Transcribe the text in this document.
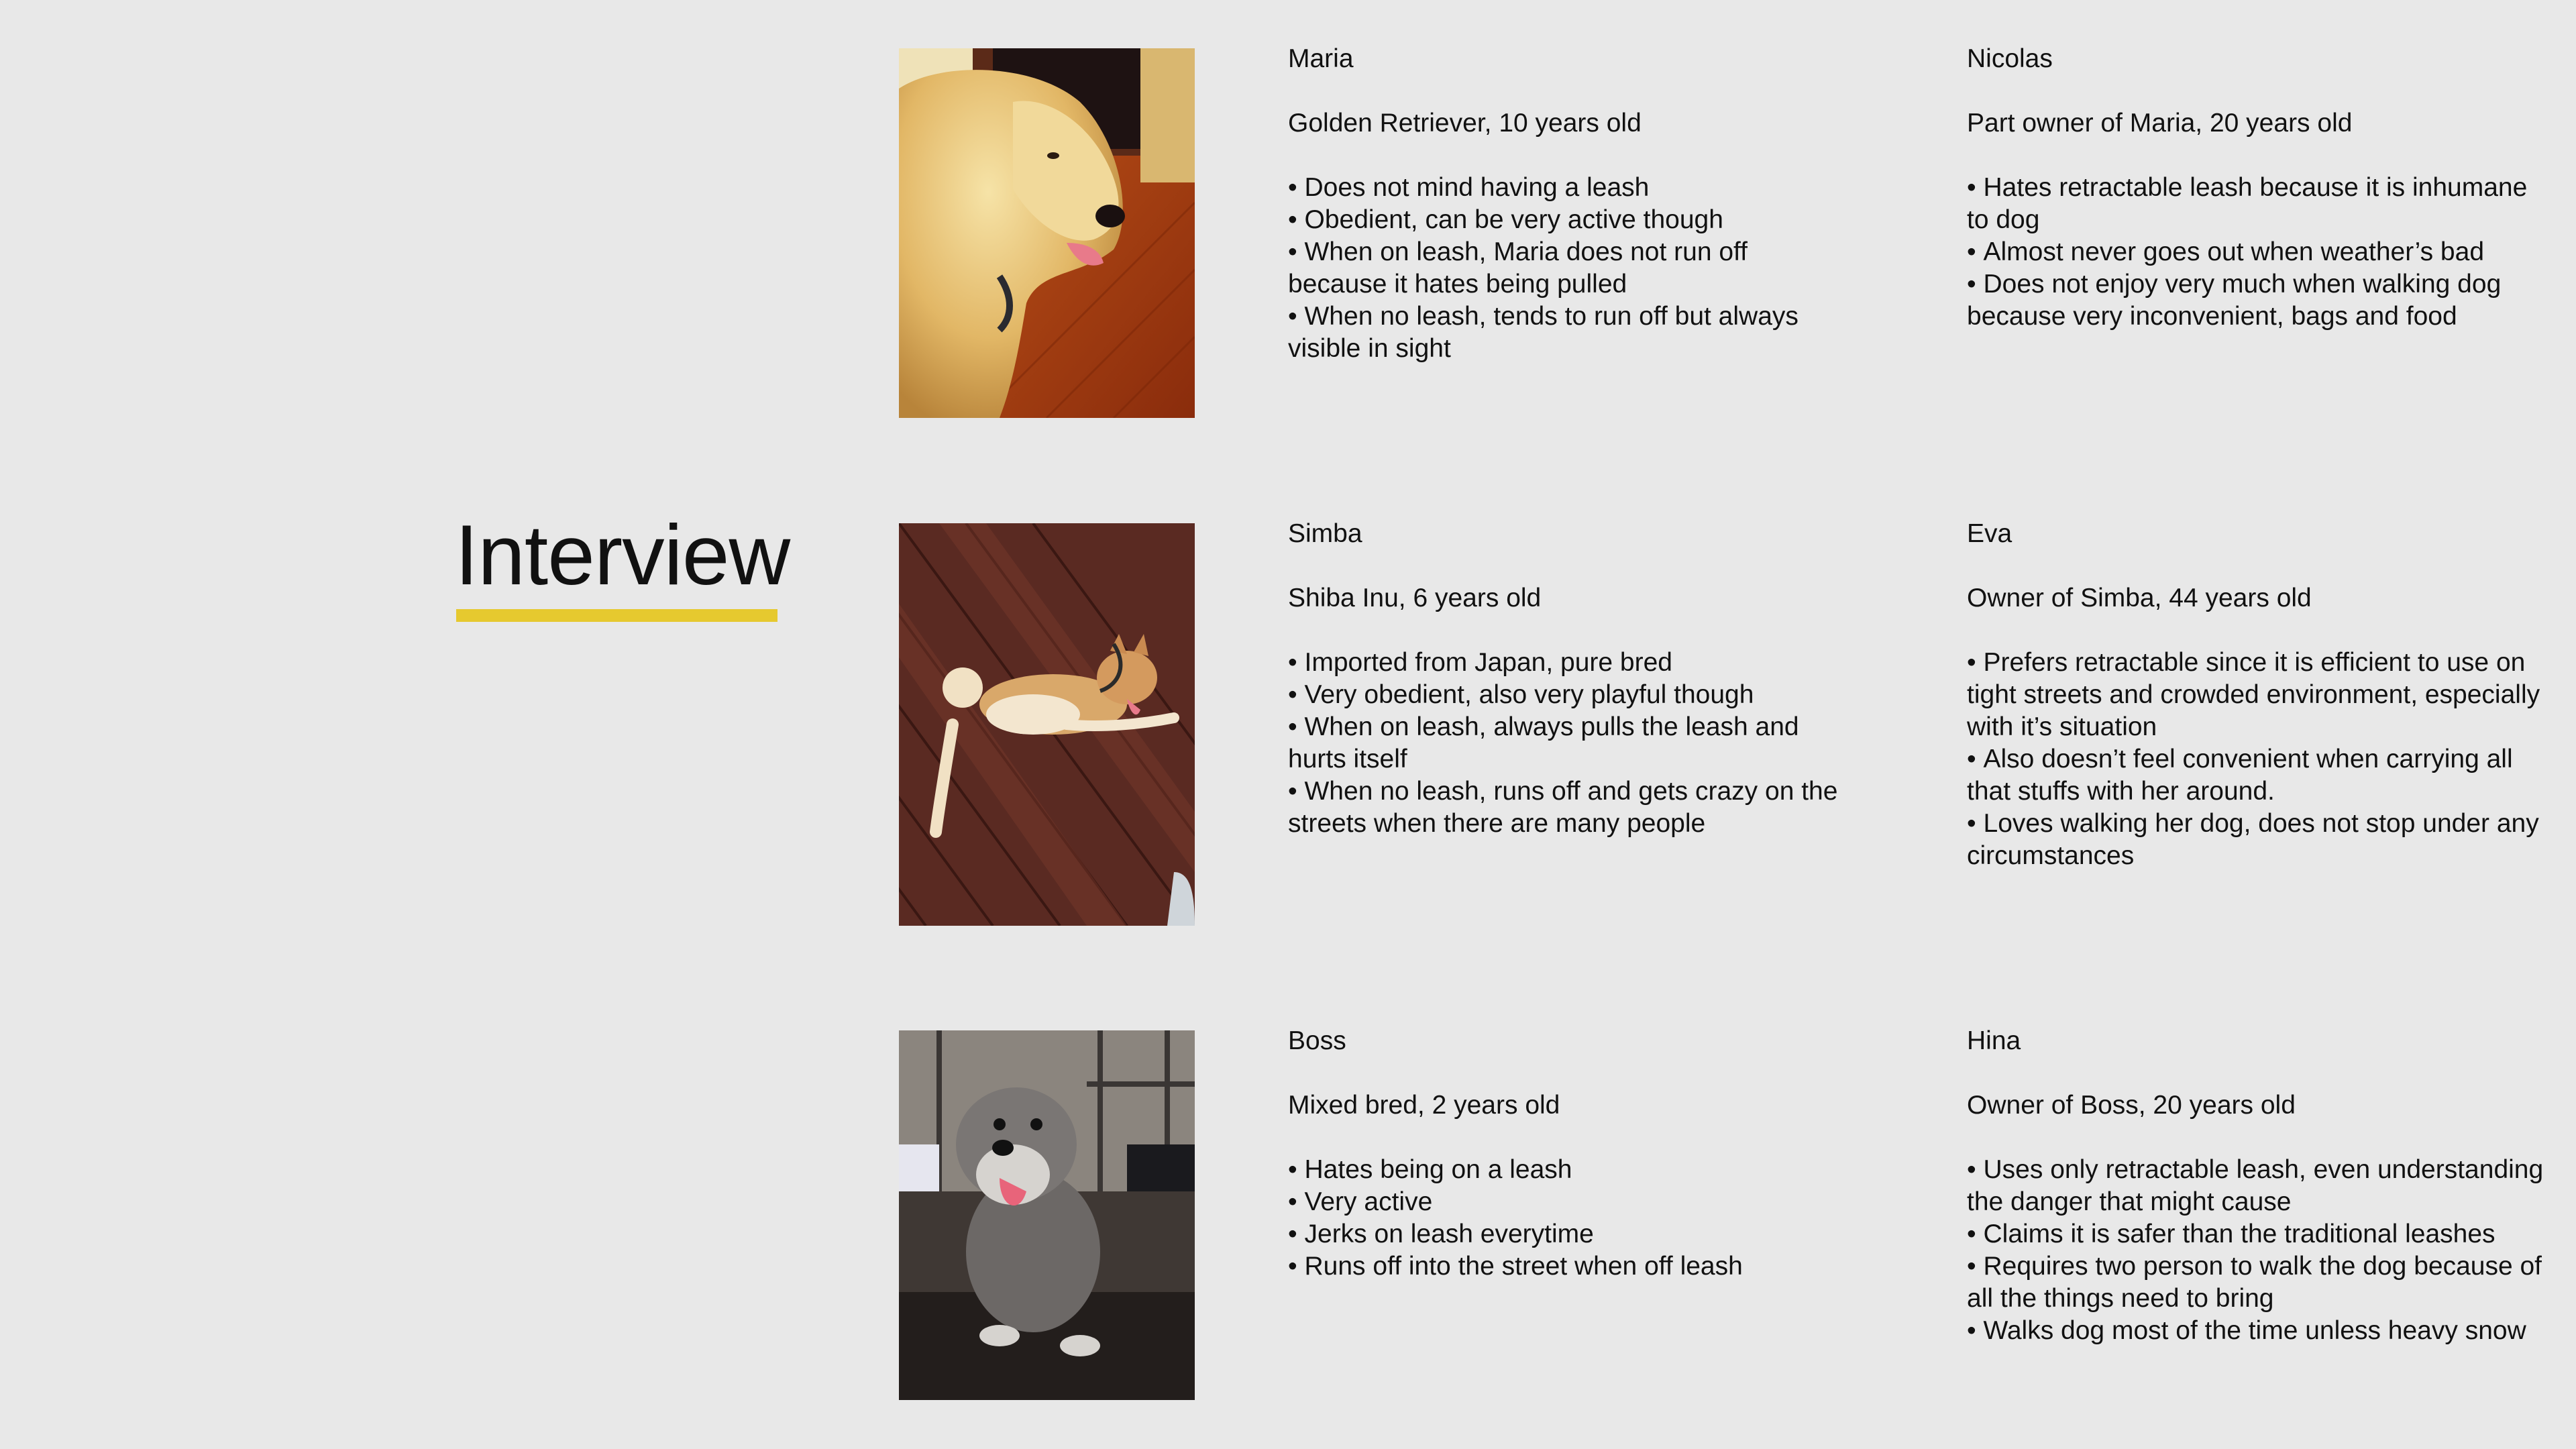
Interview
Maria
Golden Retriever, 10 years old
• Does not mind having a leash
• Obedient, can be very active though
• When on leash, Maria does not run off because it hates being pulled
• When no leash, tends to run off but always visible in sight
Nicolas
Part owner of Maria, 20 years old
• Hates retractable leash because it is inhumane to dog
• Almost never goes out when weather’s bad
• Does not enjoy very much when walking dog because very inconvenient, bags and food
Simba
Shiba Inu, 6 years old
• Imported from Japan, pure bred
• Very obedient, also very playful though
• When on leash, always pulls the leash and hurts itself
• When no leash, runs off and gets crazy on the streets when there are many people
Eva
Owner of Simba, 44 years old
• Prefers retractable since it is efficient to use on tight streets and crowded environment, especially with it’s situation
• Also doesn’t feel convenient when carrying all that stuffs with her around.
• Loves walking her dog, does not stop under any circumstances
Boss
Mixed bred, 2 years old
• Hates being on a leash
• Very active
• Jerks on leash everytime
• Runs off into the street when off leash
Hina
Owner of Boss, 20 years old
• Uses only retractable leash, even understanding the danger that might cause
• Claims it is safer than the traditional leashes
• Requires two person to walk the dog because of all the things need to bring
• Walks dog most of the time unless heavy snow
